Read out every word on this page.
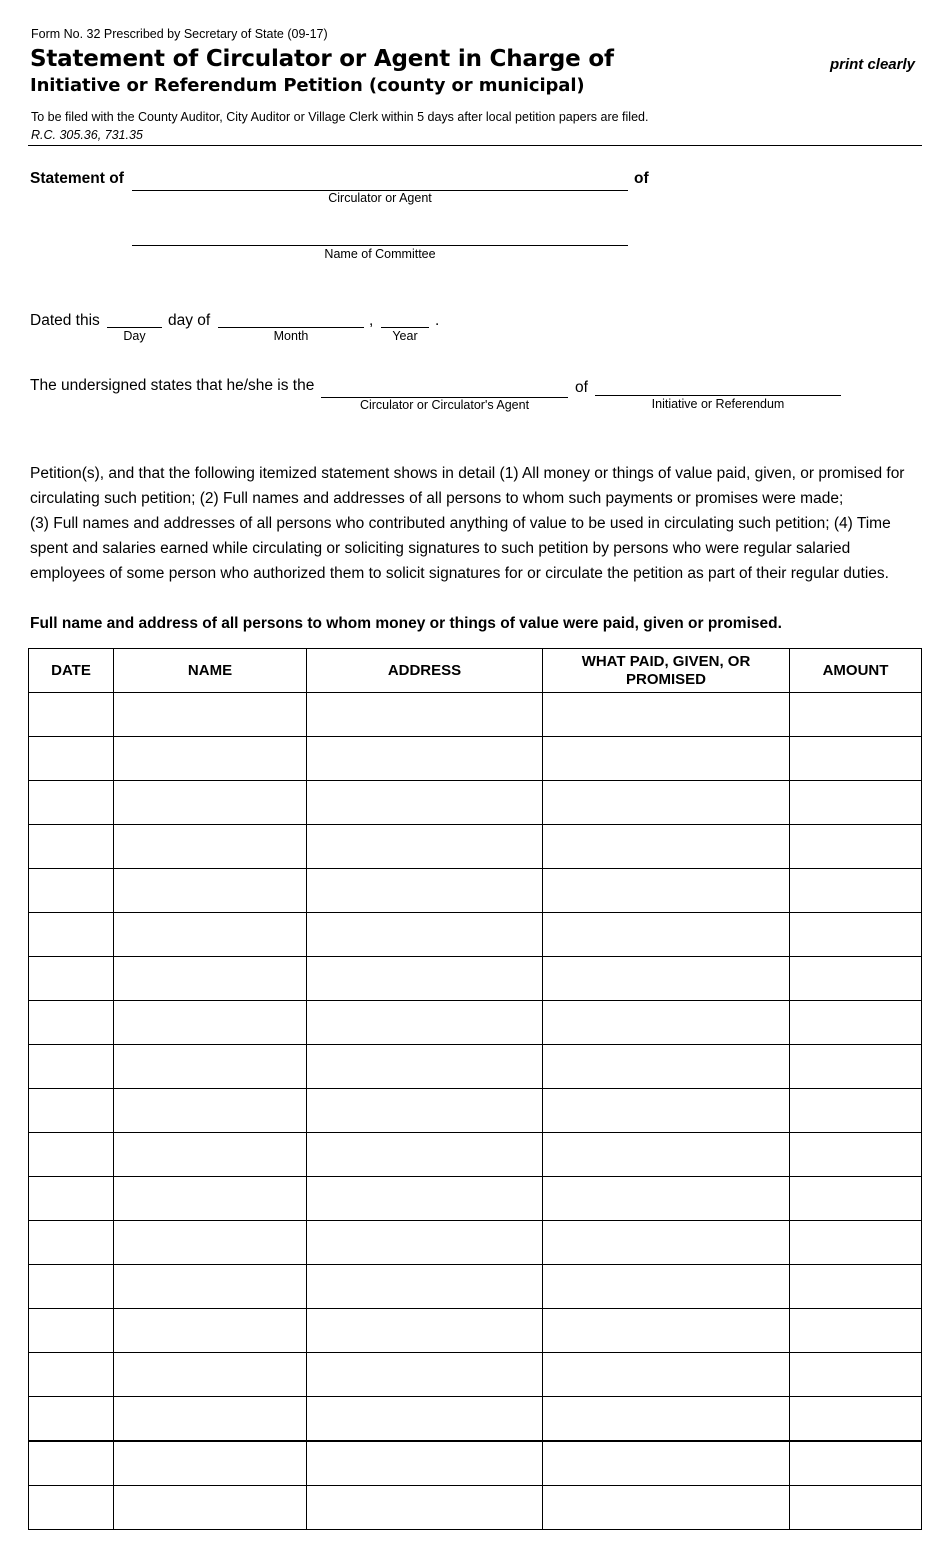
Form No. 32 Prescribed by Secretary of State (09-17)
Statement of Circulator or Agent in Charge of
Initiative or Referendum Petition (county or municipal)
print clearly
To be filed with the County Auditor, City Auditor or Village Clerk within 5 days after local petition papers are filed.
R.C. 305.36, 731.35
Statement of	of
Circulator or Agent
Name of Committee
Dated this	day of	,	.
Day	Month	Year
The undersigned states that he/she is the	of
Circulator or Circulator's Agent	Initiative or Referendum
Petition(s), and that the following itemized statement shows in detail (1) All money or things of value paid, given, or promised for
circulating such petition; (2) Full names and addresses of all persons to whom such payments or promises were made;
(3) Full names and addresses of all persons who contributed anything of value to be used in circulating such petition; (4) Time
spent and salaries earned while circulating or soliciting signatures to such petition by persons who were regular salaried
employees of some person who authorized them to solicit signatures for or circulate the petition as part of their regular duties.
Full name and address of all persons to whom money or things of value were paid, given or promised.
DATE	NAME	ADDRESS	WHAT PAID, GIVEN, OR PROMISED	AMOUNT
